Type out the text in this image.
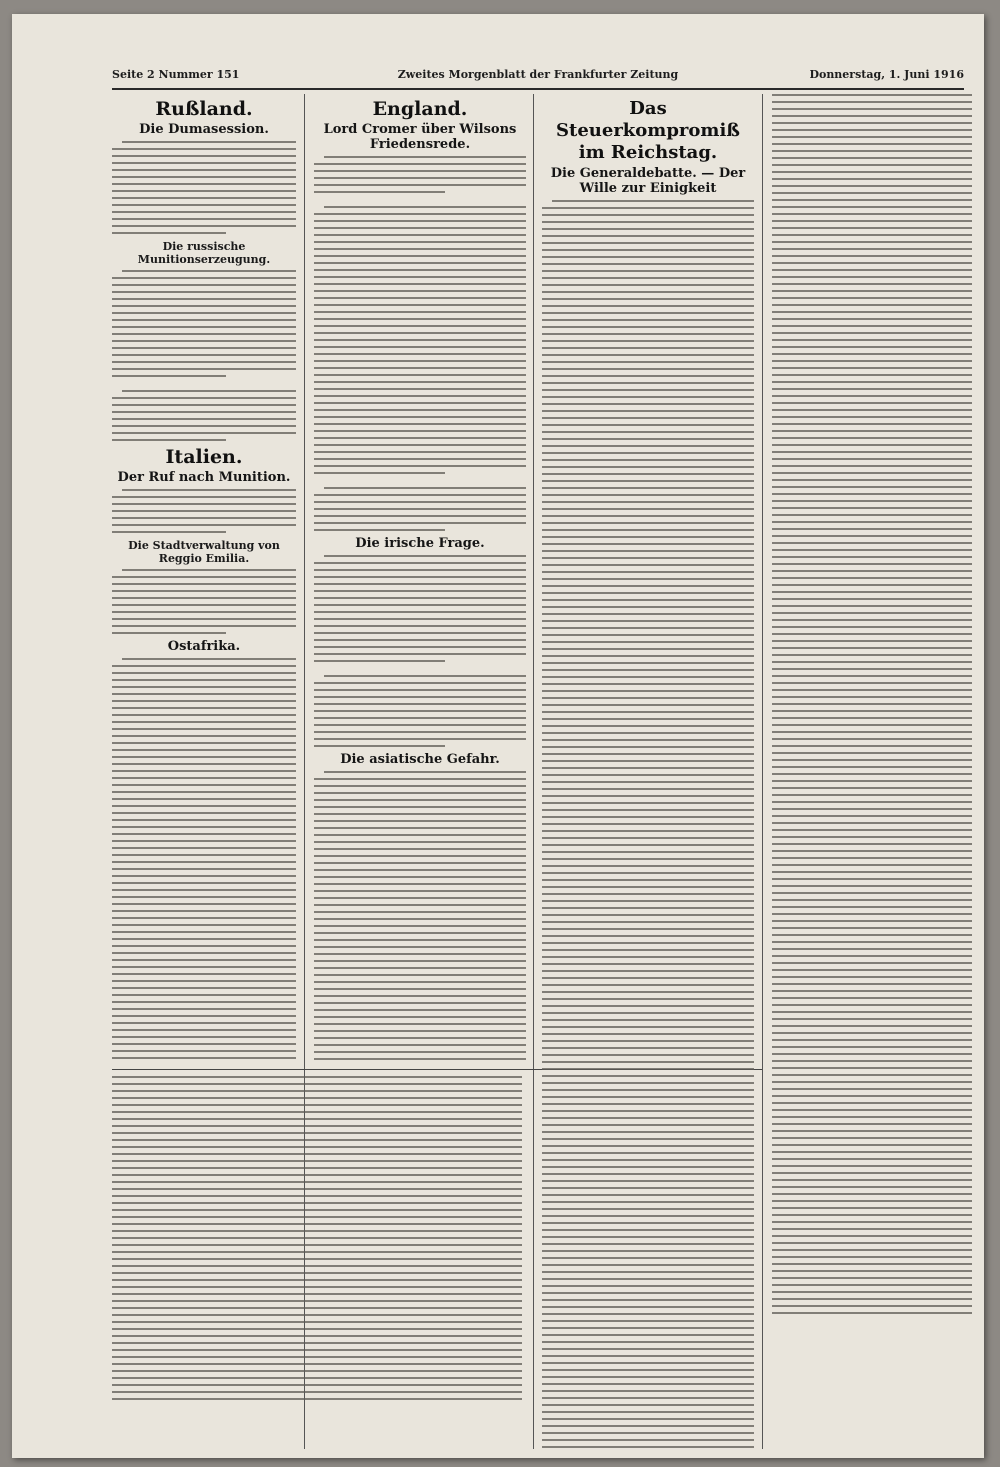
Seite 2 Nummer 151	Zweites Morgenblatt der Frankfurter Zeitung	Donnerstag, 1. Juni 1916
Rußland.
Die Dumasession.
Die russische Munitionserzeugung.
Italien.
Der Ruf nach Munition.
Die Stadtverwaltung von Reggio Emilia.
Ostafrika.
England.
Lord Cromer über Wilsons Friedensrede.
Die irische Frage.
Die asiatische Gefahr.
Das Steuerkompromiß im Reichstag.
Die Generaldebatte. — Der Wille zur Einigkeit
